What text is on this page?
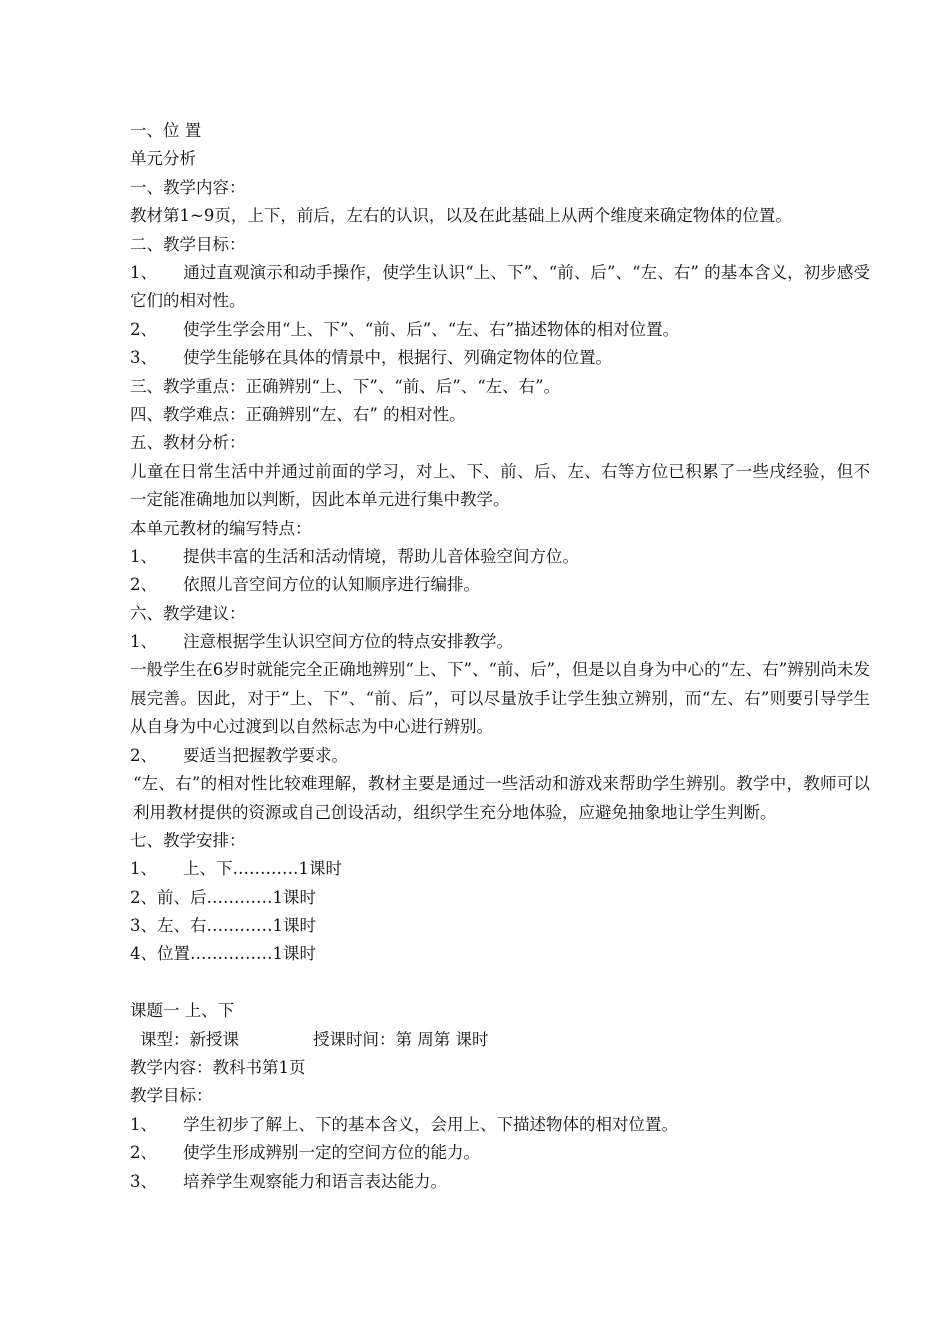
一、位 置
单元分析
一、教学内容：
教材第1~9页，上下，前后，左右的认识，以及在此基础上从两个维度来确定物体的位置。
二、教学目标：
1、 通过直观演示和动手操作，使学生认识“上、下”、“前、后”、“左、右” 的基本含义，初步感受它们的相对性。
2、 使学生学会用“上、下”、“前、后”、“左、右”描述物体的相对位置。
3、 使学生能够在具体的情景中，根据行、列确定物体的位置。
三、教学重点：正确辨别“上、下”、“前、后”、“左、右”。
四、教学难点：正确辨别“左、右” 的相对性。
五、教材分析：
儿童在日常生活中并通过前面的学习，对上、下、前、后、左、右等方位已积累了一些戌经验，但不一定能准确地加以判断，因此本单元进行集中教学。
本单元教材的编写特点：
1、 提供丰富的生活和活动情境，帮助儿音体验空间方位。
2、 依照儿音空间方位的认知顺序进行编排。
六、教学建议：
1、 注意根据学生认识空间方位的特点安排教学。
一般学生在6岁时就能完全正确地辨别“上、下”、“前、后”，但是以自身为中心的“左、右”辨别尚未发展完善。因此，对于“上、下”、“前、后”，可以尽量放手让学生独立辨别，而“左、右”则要引导学生从自身为中心过渡到以自然标志为中心进行辨别。
2、 要适当把握教学要求。
“左、右”的相对性比较难理解，教材主要是通过一些活动和游戏来帮助学生辨别。教学中，教师可以利用教材提供的资源或自己创设活动，组织学生充分地体验，应避免抽象地让学生判断。
七、教学安排：
1、 上、下…………1课时
2、前、后…………1课时
3、左、右…………1课时
4、位置……………1课时
课题一 上、下
课型：新授课	授课时间：第 周第 课时
教学内容：教科书第1页
教学目标：
1、 学生初步了解上、下的基本含义，会用上、下描述物体的相对位置。
2、 使学生形成辨别一定的空间方位的能力。
3、 培养学生观察能力和语言表达能力。
